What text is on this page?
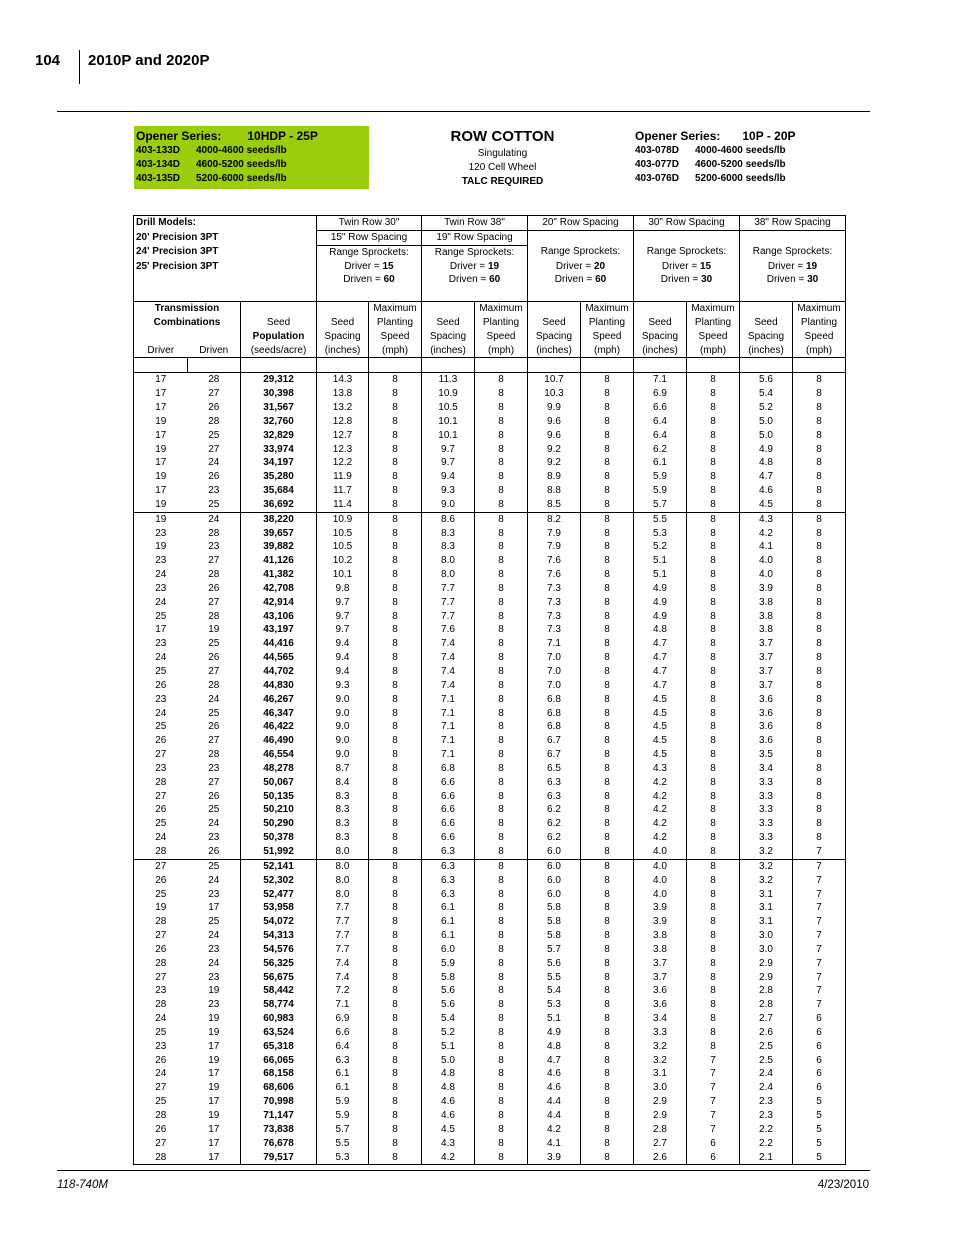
104 2010P and 2020P
Opener Series: 10HDP - 25P
403-133D	4000-4600 seeds/lb
403-134D	4600-5200 seeds/lb
403-135D	5200-6000 seeds/lb
ROW COTTON
Singulating
120 Cell Wheel
TALC REQUIRED
Opener Series: 10P - 20P
403-078D	4000-4600 seeds/lb
403-077D	4600-5200 seeds/lb
403-076D	5200-6000 seeds/lb
Drill Models:			Twin Row 30"		Twin Row 38"		20" Row Spacing		30" Row Spacing		38" Row Spacing	
20' Precision 3PT			15" Row Spacing		19" Row Spacing							
24' Precision 3PT			Range Sprockets:		Range Sprockets:		Range Sprockets:		Range Sprockets:		Range Sprockets:	
25' Precision 3PT			Driver = 15		Driver = 19		Driver = 20		Driver = 15		Driver = 19	
			Driven = 60		Driven = 60		Driven = 60		Driven = 30		Driven = 30	

Transmission				Maximum		Maximum		Maximum		Maximum		Maximum
Combinations		Seed	Seed	Planting	Seed	Planting	Seed	Planting	Seed	Planting	Seed	Planting
		Population	Spacing	Speed	Spacing	Speed	Spacing	Speed	Spacing	Speed	Spacing	Speed
Driver	Driven	(seeds/acre)	(inches)	(mph)	(inches)	(mph)	(inches)	(mph)	(inches)	(mph)	(inches)	(mph)

17	28	29,312	14.3	8	11.3	8	10.7	8	7.1	8	5.6	8
17	27	30,398	13.8	8	10.9	8	10.3	8	6.9	8	5.4	8
17	26	31,567	13.2	8	10.5	8	9.9	8	6.6	8	5.2	8
19	28	32,760	12.8	8	10.1	8	9.6	8	6.4	8	5.0	8
17	25	32,829	12.7	8	10.1	8	9.6	8	6.4	8	5.0	8
19	27	33,974	12.3	8	9.7	8	9.2	8	6.2	8	4.9	8
17	24	34,197	12.2	8	9.7	8	9.2	8	6.1	8	4.8	8
19	26	35,280	11.9	8	9.4	8	8.9	8	5.9	8	4.7	8
17	23	35,684	11.7	8	9.3	8	8.8	8	5.9	8	4.6	8
19	25	36,692	11.4	8	9.0	8	8.5	8	5.7	8	4.5	8
19	24	38,220	10.9	8	8.6	8	8.2	8	5.5	8	4.3	8
23	28	39,657	10.5	8	8.3	8	7.9	8	5.3	8	4.2	8
19	23	39,882	10.5	8	8.3	8	7.9	8	5.2	8	4.1	8
23	27	41,126	10.2	8	8.0	8	7.6	8	5.1	8	4.0	8
24	28	41,382	10.1	8	8.0	8	7.6	8	5.1	8	4.0	8
23	26	42,708	9.8	8	7.7	8	7.3	8	4.9	8	3.9	8
24	27	42,914	9.7	8	7.7	8	7.3	8	4.9	8	3.8	8
25	28	43,106	9.7	8	7.7	8	7.3	8	4.9	8	3.8	8
17	19	43,197	9.7	8	7.6	8	7.3	8	4.8	8	3.8	8
23	25	44,416	9.4	8	7.4	8	7.1	8	4.7	8	3.7	8
24	26	44,565	9.4	8	7.4	8	7.0	8	4.7	8	3.7	8
25	27	44,702	9.4	8	7.4	8	7.0	8	4.7	8	3.7	8
26	28	44,830	9.3	8	7.4	8	7.0	8	4.7	8	3.7	8
23	24	46,267	9.0	8	7.1	8	6.8	8	4.5	8	3.6	8
24	25	46,347	9.0	8	7.1	8	6.8	8	4.5	8	3.6	8
25	26	46,422	9.0	8	7.1	8	6.8	8	4.5	8	3.6	8
26	27	46,490	9.0	8	7.1	8	6.7	8	4.5	8	3.6	8
27	28	46,554	9.0	8	7.1	8	6.7	8	4.5	8	3.5	8
23	23	48,278	8.7	8	6.8	8	6.5	8	4.3	8	3.4	8
28	27	50,067	8.4	8	6.6	8	6.3	8	4.2	8	3.3	8
27	26	50,135	8.3	8	6.6	8	6.3	8	4.2	8	3.3	8
26	25	50,210	8.3	8	6.6	8	6.2	8	4.2	8	3.3	8
25	24	50,290	8.3	8	6.6	8	6.2	8	4.2	8	3.3	8
24	23	50,378	8.3	8	6.6	8	6.2	8	4.2	8	3.3	8
28	26	51,992	8.0	8	6.3	8	6.0	8	4.0	8	3.2	7
27	25	52,141	8.0	8	6.3	8	6.0	8	4.0	8	3.2	7
26	24	52,302	8.0	8	6.3	8	6.0	8	4.0	8	3.2	7
25	23	52,477	8.0	8	6.3	8	6.0	8	4.0	8	3.1	7
19	17	53,958	7.7	8	6.1	8	5.8	8	3.9	8	3.1	7
28	25	54,072	7.7	8	6.1	8	5.8	8	3.9	8	3.1	7
27	24	54,313	7.7	8	6.1	8	5.8	8	3.8	8	3.0	7
26	23	54,576	7.7	8	6.0	8	5.7	8	3.8	8	3.0	7
28	24	56,325	7.4	8	5.9	8	5.6	8	3.7	8	2.9	7
27	23	56,675	7.4	8	5.8	8	5.5	8	3.7	8	2.9	7
23	19	58,442	7.2	8	5.6	8	5.4	8	3.6	8	2.8	7
28	23	58,774	7.1	8	5.6	8	5.3	8	3.6	8	2.8	7
24	19	60,983	6.9	8	5.4	8	5.1	8	3.4	8	2.7	6
25	19	63,524	6.6	8	5.2	8	4.9	8	3.3	8	2.6	6
23	17	65,318	6.4	8	5.1	8	4.8	8	3.2	8	2.5	6
26	19	66,065	6.3	8	5.0	8	4.7	8	3.2	7	2.5	6
24	17	68,158	6.1	8	4.8	8	4.6	8	3.1	7	2.4	6
27	19	68,606	6.1	8	4.8	8	4.6	8	3.0	7	2.4	6
25	17	70,998	5.9	8	4.6	8	4.4	8	2.9	7	2.3	5
28	19	71,147	5.9	8	4.6	8	4.4	8	2.9	7	2.3	5
26	17	73,838	5.7	8	4.5	8	4.2	8	2.8	7	2.2	5
27	17	76,678	5.5	8	4.3	8	4.1	8	2.7	6	2.2	5
28	17	79,517	5.3	8	4.2	8	3.9	8	2.6	6	2.1	5
118-740M	4/23/2010
